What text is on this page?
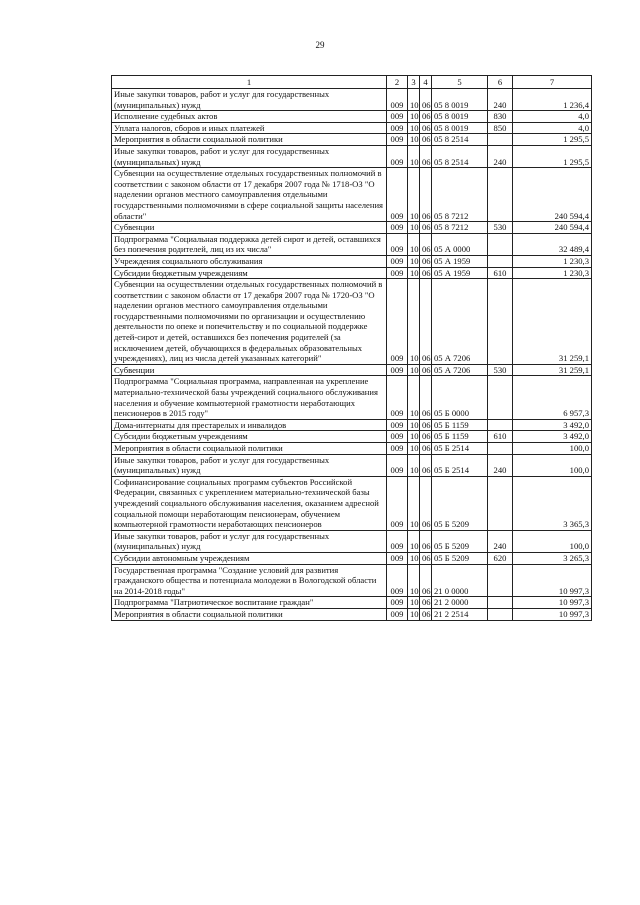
29
1	2	3	4	5	6	7
Иные закупки товаров, работ и услуг для государственных (муниципальных) нужд	009	10	06	05 8 0019	240	1 236,4
Исполнение судебных актов	009	10	06	05 8 0019	830	4,0
Уплата налогов, сборов и иных платежей	009	10	06	05 8 0019	850	4,0
Мероприятия в области социальной политики	009	10	06	05 8 2514		1 295,5
Иные закупки товаров, работ и услуг для государственных (муниципальных) нужд	009	10	06	05 8 2514	240	1 295,5
Субвенции на осуществление отдельных государственных полномочий в соответствии с законом области от 17 декабря 2007 года № 1718-ОЗ "О наделении органов местного самоуправления отдельными государственными полномочиями в сфере социальной защиты населения области"	009	10	06	05 8 7212		240 594,4
Субвенции	009	10	06	05 8 7212	530	240 594,4
Подпрограмма "Социальная поддержка детей сирот и детей, оставшихся без попечения родителей, лиц из их числа"	009	10	06	05 А 0000		32 489,4
Учреждения социального обслуживания	009	10	06	05 А 1959		1 230,3
Субсидии бюджетным учреждениям	009	10	06	05 А 1959	610	1 230,3
Субвенции на осуществлении отдельных государственных полномочий в соответствии с законом области от 17 декабря 2007 года № 1720-ОЗ "О наделении органов местного самоуправления отдельными государственными полномочиями по организации и осуществлению деятельности по опеке и попечительству и по социальной поддержке детей-сирот и детей, оставшихся без попечения родителей (за исключением детей, обучающихся в федеральных образовательных учреждениях), лиц из числа детей указанных категорий"	009	10	06	05 А 7206		31 259,1
Субвенции	009	10	06	05 А 7206	530	31 259,1
Подпрограмма "Социальная программа, направленная на укрепление материально-технической базы учреждений социального обслуживания населения и обучение компьютерной грамотности неработающих пенсионеров в 2015 году"	009	10	06	05 Б 0000		6 957,3
Дома-интернаты для престарелых и инвалидов	009	10	06	05 Б 1159		3 492,0
Субсидии бюджетным учреждениям	009	10	06	05 Б 1159	610	3 492,0
Мероприятия в области социальной политики	009	10	06	05 Б 2514		100,0
Иные закупки товаров, работ и услуг для государственных (муниципальных) нужд	009	10	06	05 Б 2514	240	100,0
Софинансирование социальных программ субъектов Российской Федерации, связанных с укреплением материально-технической базы учреждений социального обслуживания населения, оказанием адресной социальной помощи неработающим пенсионерам, обучением компьютерной грамотности неработающих пенсионеров	009	10	06	05 Б 5209		3 365,3
Иные закупки товаров, работ и услуг для государственных (муниципальных) нужд	009	10	06	05 Б 5209	240	100,0
Субсидии автономным учреждениям	009	10	06	05 Б 5209	620	3 265,3
Государственная программа "Создание условий для развития гражданского общества и потенциала молодежи в Вологодской области на 2014-2018 годы"	009	10	06	21 0 0000		10 997,3
Подпрограмма "Патриотическое воспитание граждан"	009	10	06	21 2 0000		10 997,3
Мероприятия в области социальной политики	009	10	06	21 2 2514		10 997,3
